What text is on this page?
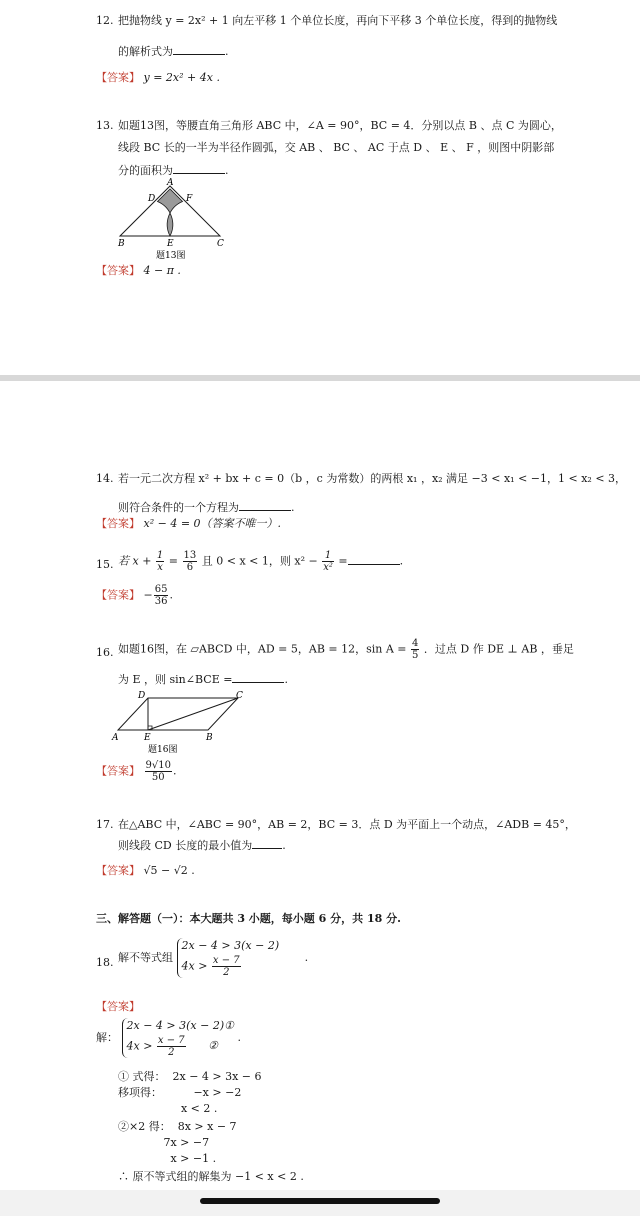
12. 把抛物线 y = 2x² + 1 向左平移 1 个单位长度，再向下平移 3 个单位长度，得到的抛物线
的解析式为	.
【答案】 y = 2x² + 4x .
13. 如题13图，等腰直角三角形 ABC 中，∠A = 90°，BC = 4．分别以点 B 、点 C 为圆心，
线段 BC 长的一半为半径作圆弧，交 AB 、 BC 、 AC 于点 D 、 E 、 F ，则图中阴影部
分的面积为	.
A
D	F
B	E	C
题13图
【答案】 4 − π .
14. 若一元二次方程 x² + bx + c = 0（b ，c 为常数）的两根 x₁ ，x₂ 满足 −3 < x₁ < −1，1 < x₂ < 3，
则符合条件的一个方程为	.
【答案】 x² − 4 = 0（答案不唯一）.
15. 若 $x + \frac{1}{x} = \frac{13}{6}$ 且 0 < x < 1，则 $x^2 - \frac{1}{\text{x²}}$ =	.
【答案】 − $\frac{65}{36}$ .
16. 如题16图，在 ▱ABCD 中，AD = 5，AB = 12，$\sin A = \frac{4}{5}$ ．过点 D 作 DE ⊥ AB ，垂足
为 E ，则 sin∠BCE =	.
D	C
A	E	B
题16图
【答案】 $\frac{9√10}{50}$ .
17. 在△ABC 中，∠ABC = 90°，AB = 2，BC = 3．点 D 为平面上一个动点，∠ADB = 45°，
则线段 CD 长度的最小值为	.
【答案】 √5 − √2 .
三、解答题（一）：本大题共 3 小题，每小题 6 分，共 18 分.
18. 解不等式组
2x − 4 > 3(x − 2)
$4x > \frac{x - 7}{2}$	.
【答案】
解：
2x − 4 > 3(x − 2)①
$4x > \frac{x - 7}{2}$ ②
.
① 式得：  2x − 4 > 3x − 6
移项得：         −x > −2
x < 2 .
②×2 得：  8x > x − 7
7x > −7
x > −1 .
∴ 原不等式组的解集为 −1 < x < 2 .
